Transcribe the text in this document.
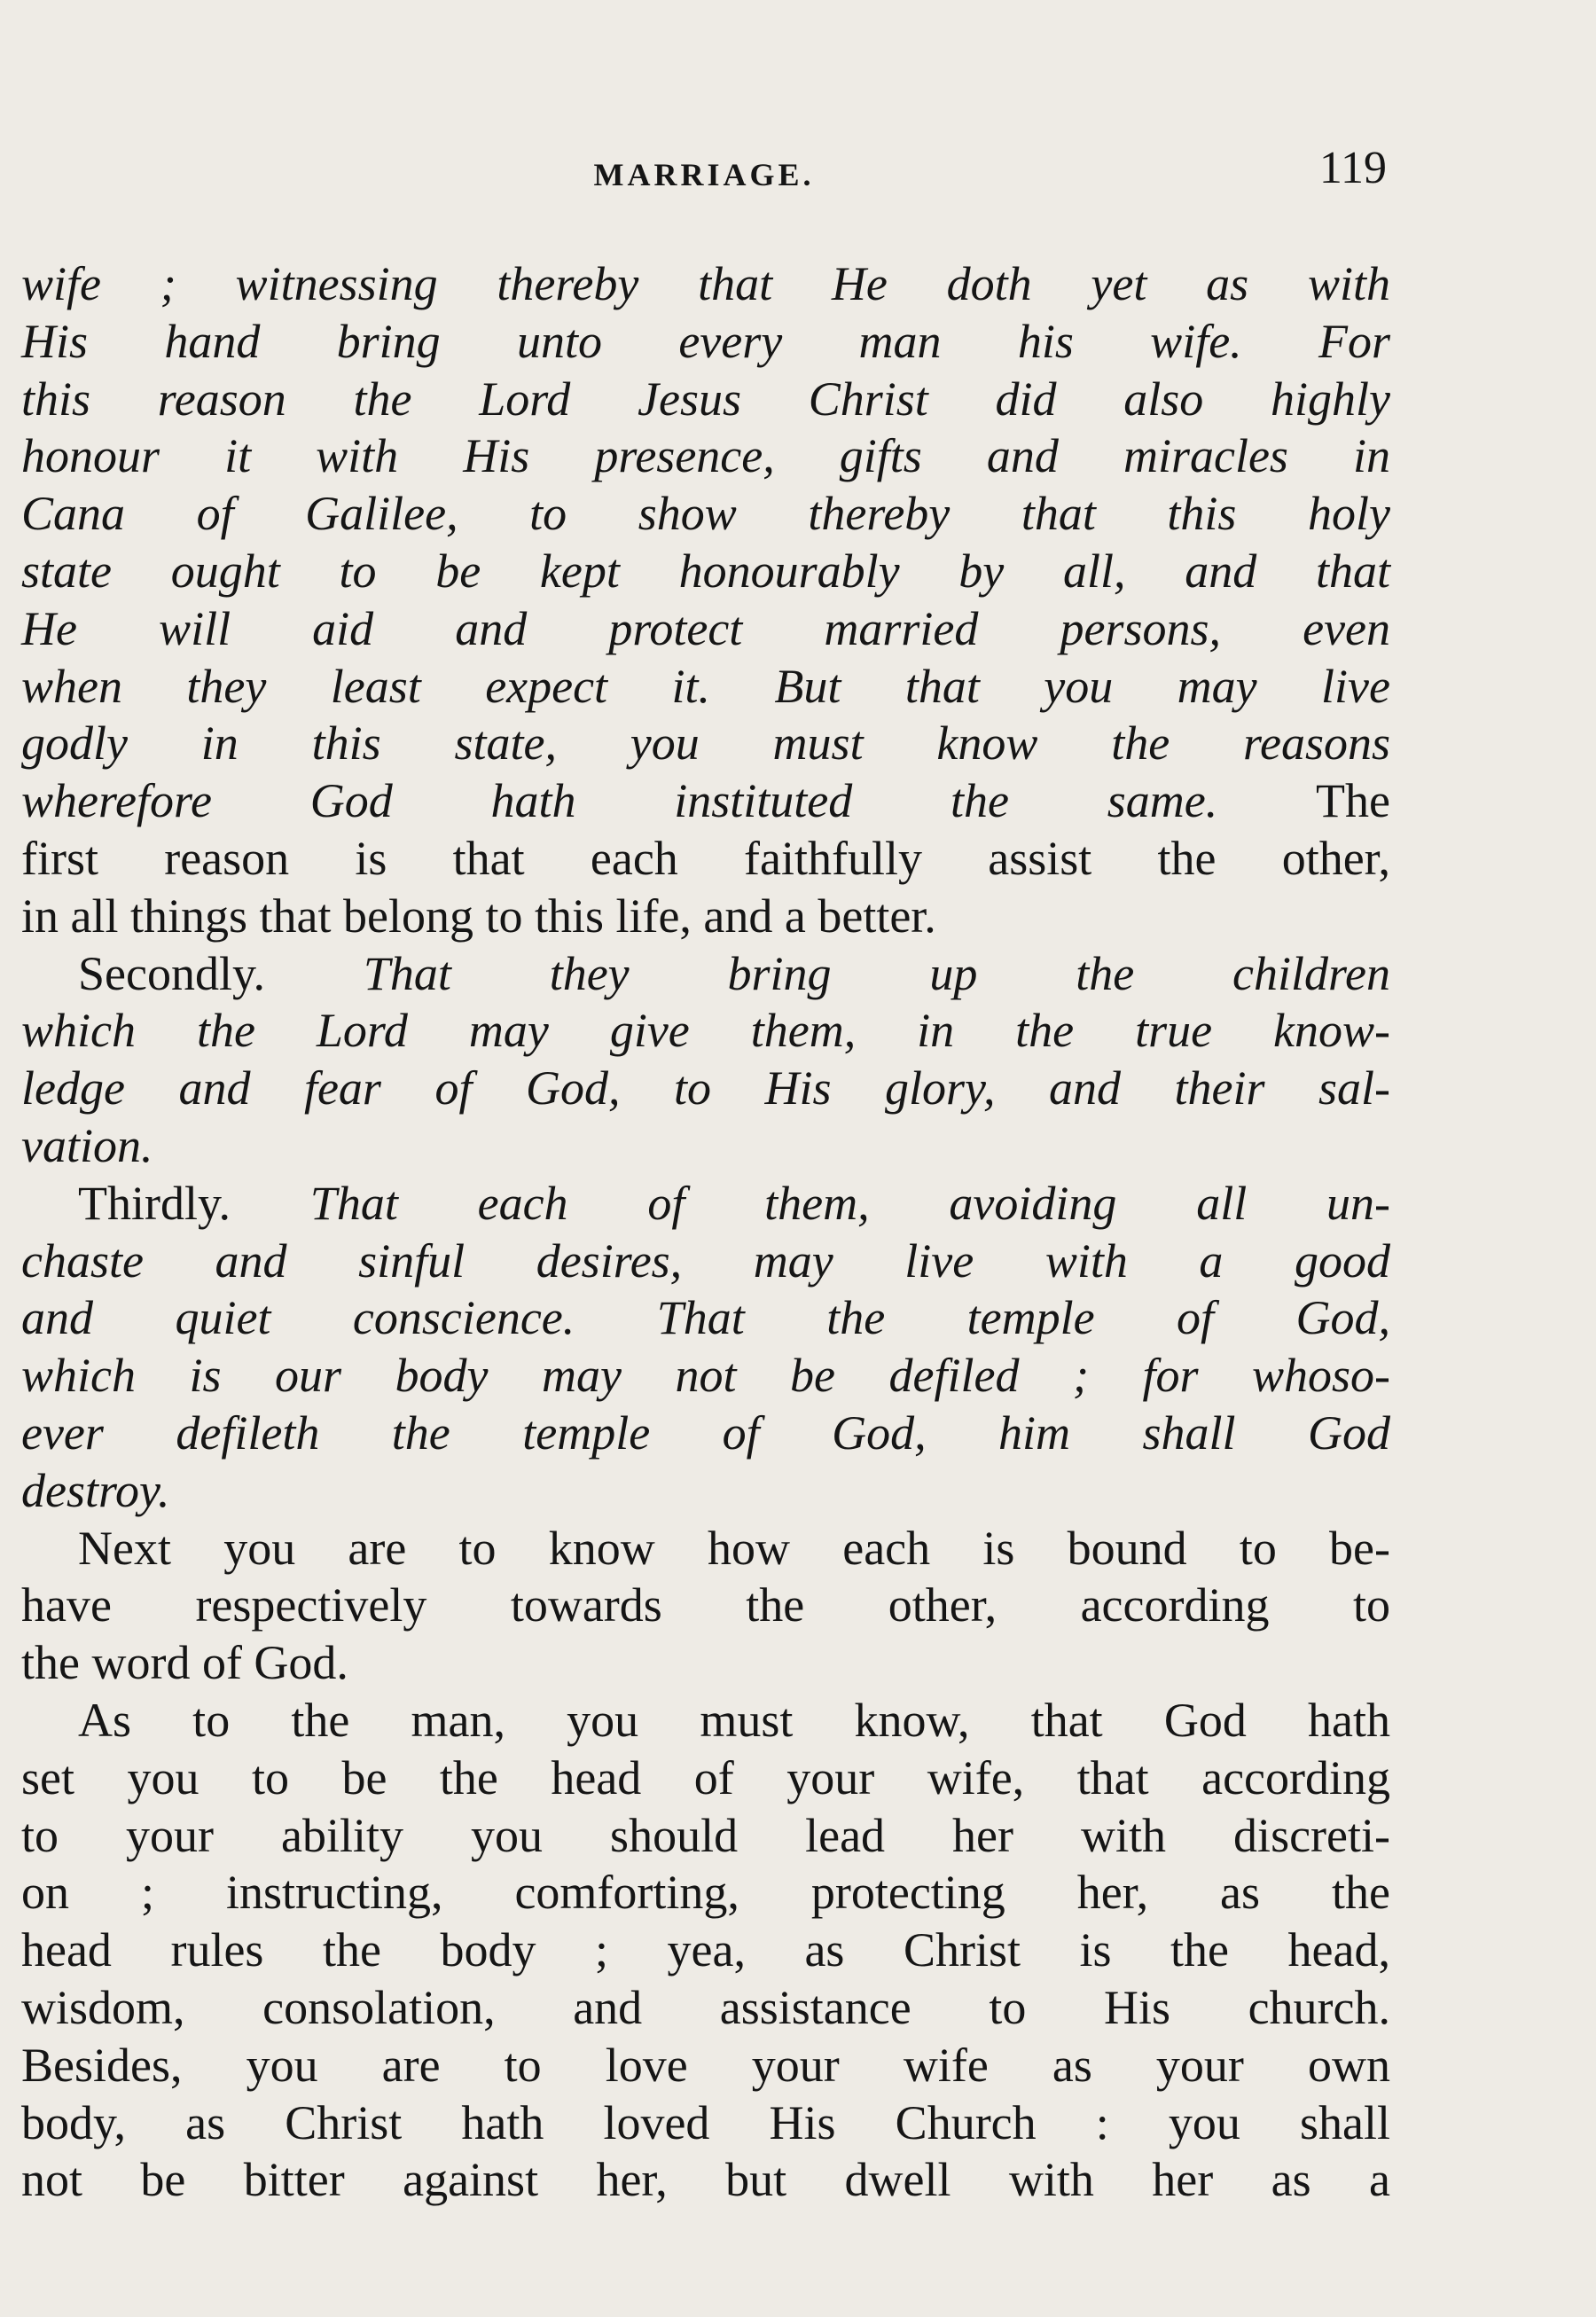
MARRIAGE.	119
wife ; witnessing thereby that He doth yet as with
His hand bring unto every man his wife. For
this reason the Lord Jesus Christ did also highly
honour it with His presence, gifts and miracles in
Cana of Galilee, to show thereby that this holy
state ought to be kept honourably by all, and that
He will aid and protect married persons, even
when they least expect it. But that you may live
godly in this state, you must know the reasons
wherefore God hath instituted the same. The
first reason is that each faithfully assist the other,
in all things that belong to this life, and a better.
Secondly. That they bring up the children
which the Lord may give them, in the true know-
ledge and fear of God, to His glory, and their sal-
vation.
Thirdly. That each of them, avoiding all un-
chaste and sinful desires, may live with a good
and quiet conscience. That the temple of God,
which is our body may not be defiled ; for whoso-
ever defileth the temple of God, him shall God
destroy.
Next you are to know how each is bound to be-
have respectively towards the other, according to
the word of God.
As to the man, you must know, that God hath
set you to be the head of your wife, that according
to your ability you should lead her with discreti-
on ; instructing, comforting, protecting her, as the
head rules the body ; yea, as Christ is the head,
wisdom, consolation, and assistance to His church.
Besides, you are to love your wife as your own
body, as Christ hath loved His Church : you shall
not be bitter against her, but dwell with her as a
